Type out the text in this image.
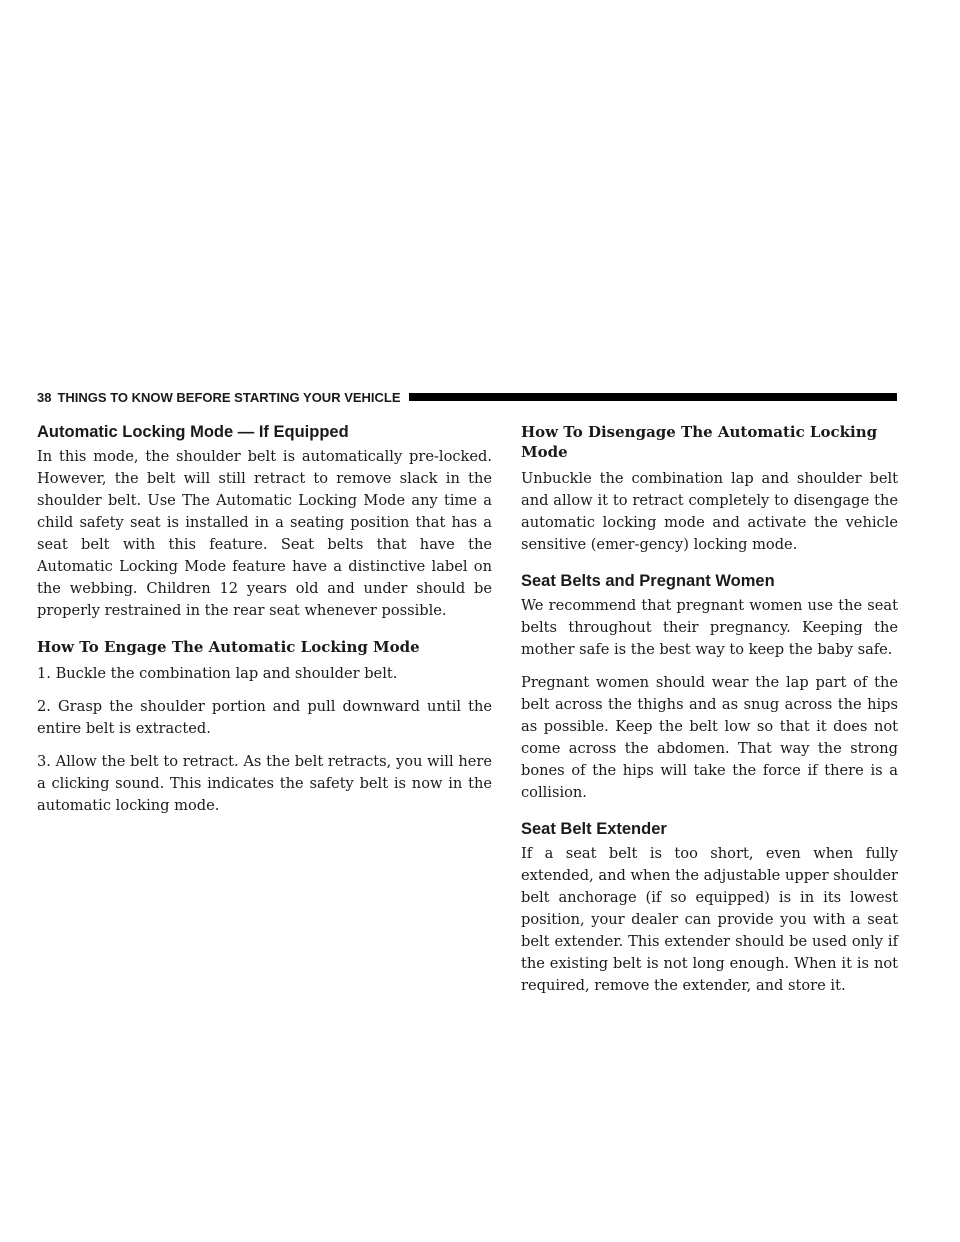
38 THINGS TO KNOW BEFORE STARTING YOUR VEHICLE
Automatic Locking Mode — If Equipped

In this mode, the shoulder belt is automatically pre-locked. However, the belt will still retract to remove slack in the shoulder belt. Use The Automatic Locking Mode any time a child safety seat is installed in a seating position that has a seat belt with this feature. Seat belts that have the Automatic Locking Mode feature have a distinctive label on the webbing. Children 12 years old and under should be properly restrained in the rear seat whenever possible.

How To Engage The Automatic Locking Mode

1. Buckle the combination lap and shoulder belt.

2. Grasp the shoulder portion and pull downward until the entire belt is extracted.

3. Allow the belt to retract. As the belt retracts, you will here a clicking sound. This indicates the safety belt is now in the automatic locking mode.

How To Disengage The Automatic Locking Mode

Unbuckle the combination lap and shoulder belt and allow it to retract completely to disengage the automatic locking mode and activate the vehicle sensitive (emer-gency) locking mode.

Seat Belts and Pregnant Women

We recommend that pregnant women use the seat belts throughout their pregnancy. Keeping the mother safe is the best way to keep the baby safe.

Pregnant women should wear the lap part of the belt across the thighs and as snug across the hips as possible. Keep the belt low so that it does not come across the abdomen. That way the strong bones of the hips will take the force if there is a collision.

Seat Belt Extender

If a seat belt is too short, even when fully extended, and when the adjustable upper shoulder belt anchorage (if so equipped) is in its lowest position, your dealer can provide you with a seat belt extender. This extender should be used only if the existing belt is not long enough. When it is not required, remove the extender, and store it.
